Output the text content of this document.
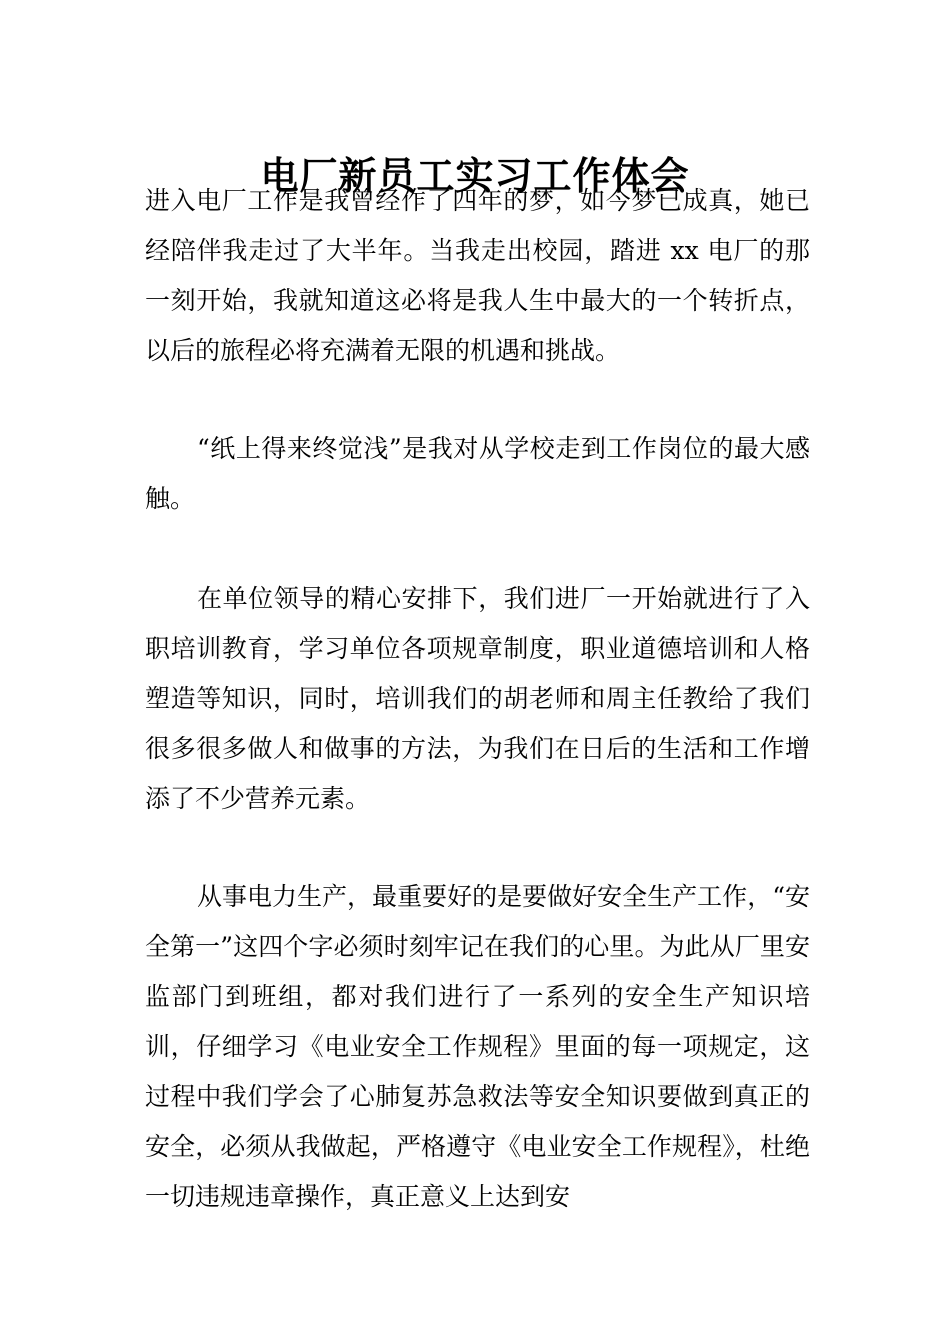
电厂新员工实习工作体会

进入电厂工作是我曾经作了四年的梦，如今梦已成真，她已经陪伴我走过了大半年。当我走出校园，踏进 xx 电厂的那一刻开始，我就知道这必将是我人生中最大的一个转折点，以后的旅程必将充满着无限的机遇和挑战。

“纸上得来终觉浅”是我对从学校走到工作岗位的最大感触。

在单位领导的精心安排下，我们进厂一开始就进行了入职培训教育，学习单位各项规章制度，职业道德培训和人格塑造等知识，同时，培训我们的胡老师和周主任教给了我们很多很多做人和做事的方法，为我们在日后的生活和工作增添了不少营养元素。

从事电力生产，最重要好的是要做好安全生产工作，“安全第一”这四个字必须时刻牢记在我们的心里。为此从厂里安监部门到班组，都对我们进行了一系列的安全生产知识培训，仔细学习《电业安全工作规程》里面的每一项规定，这过程中我们学会了心肺复苏急救法等安全知识要做到真正的安全，必须从我做起，严格遵守《电业安全工作规程》，杜绝一切违规违章操作，真正意义上达到安
